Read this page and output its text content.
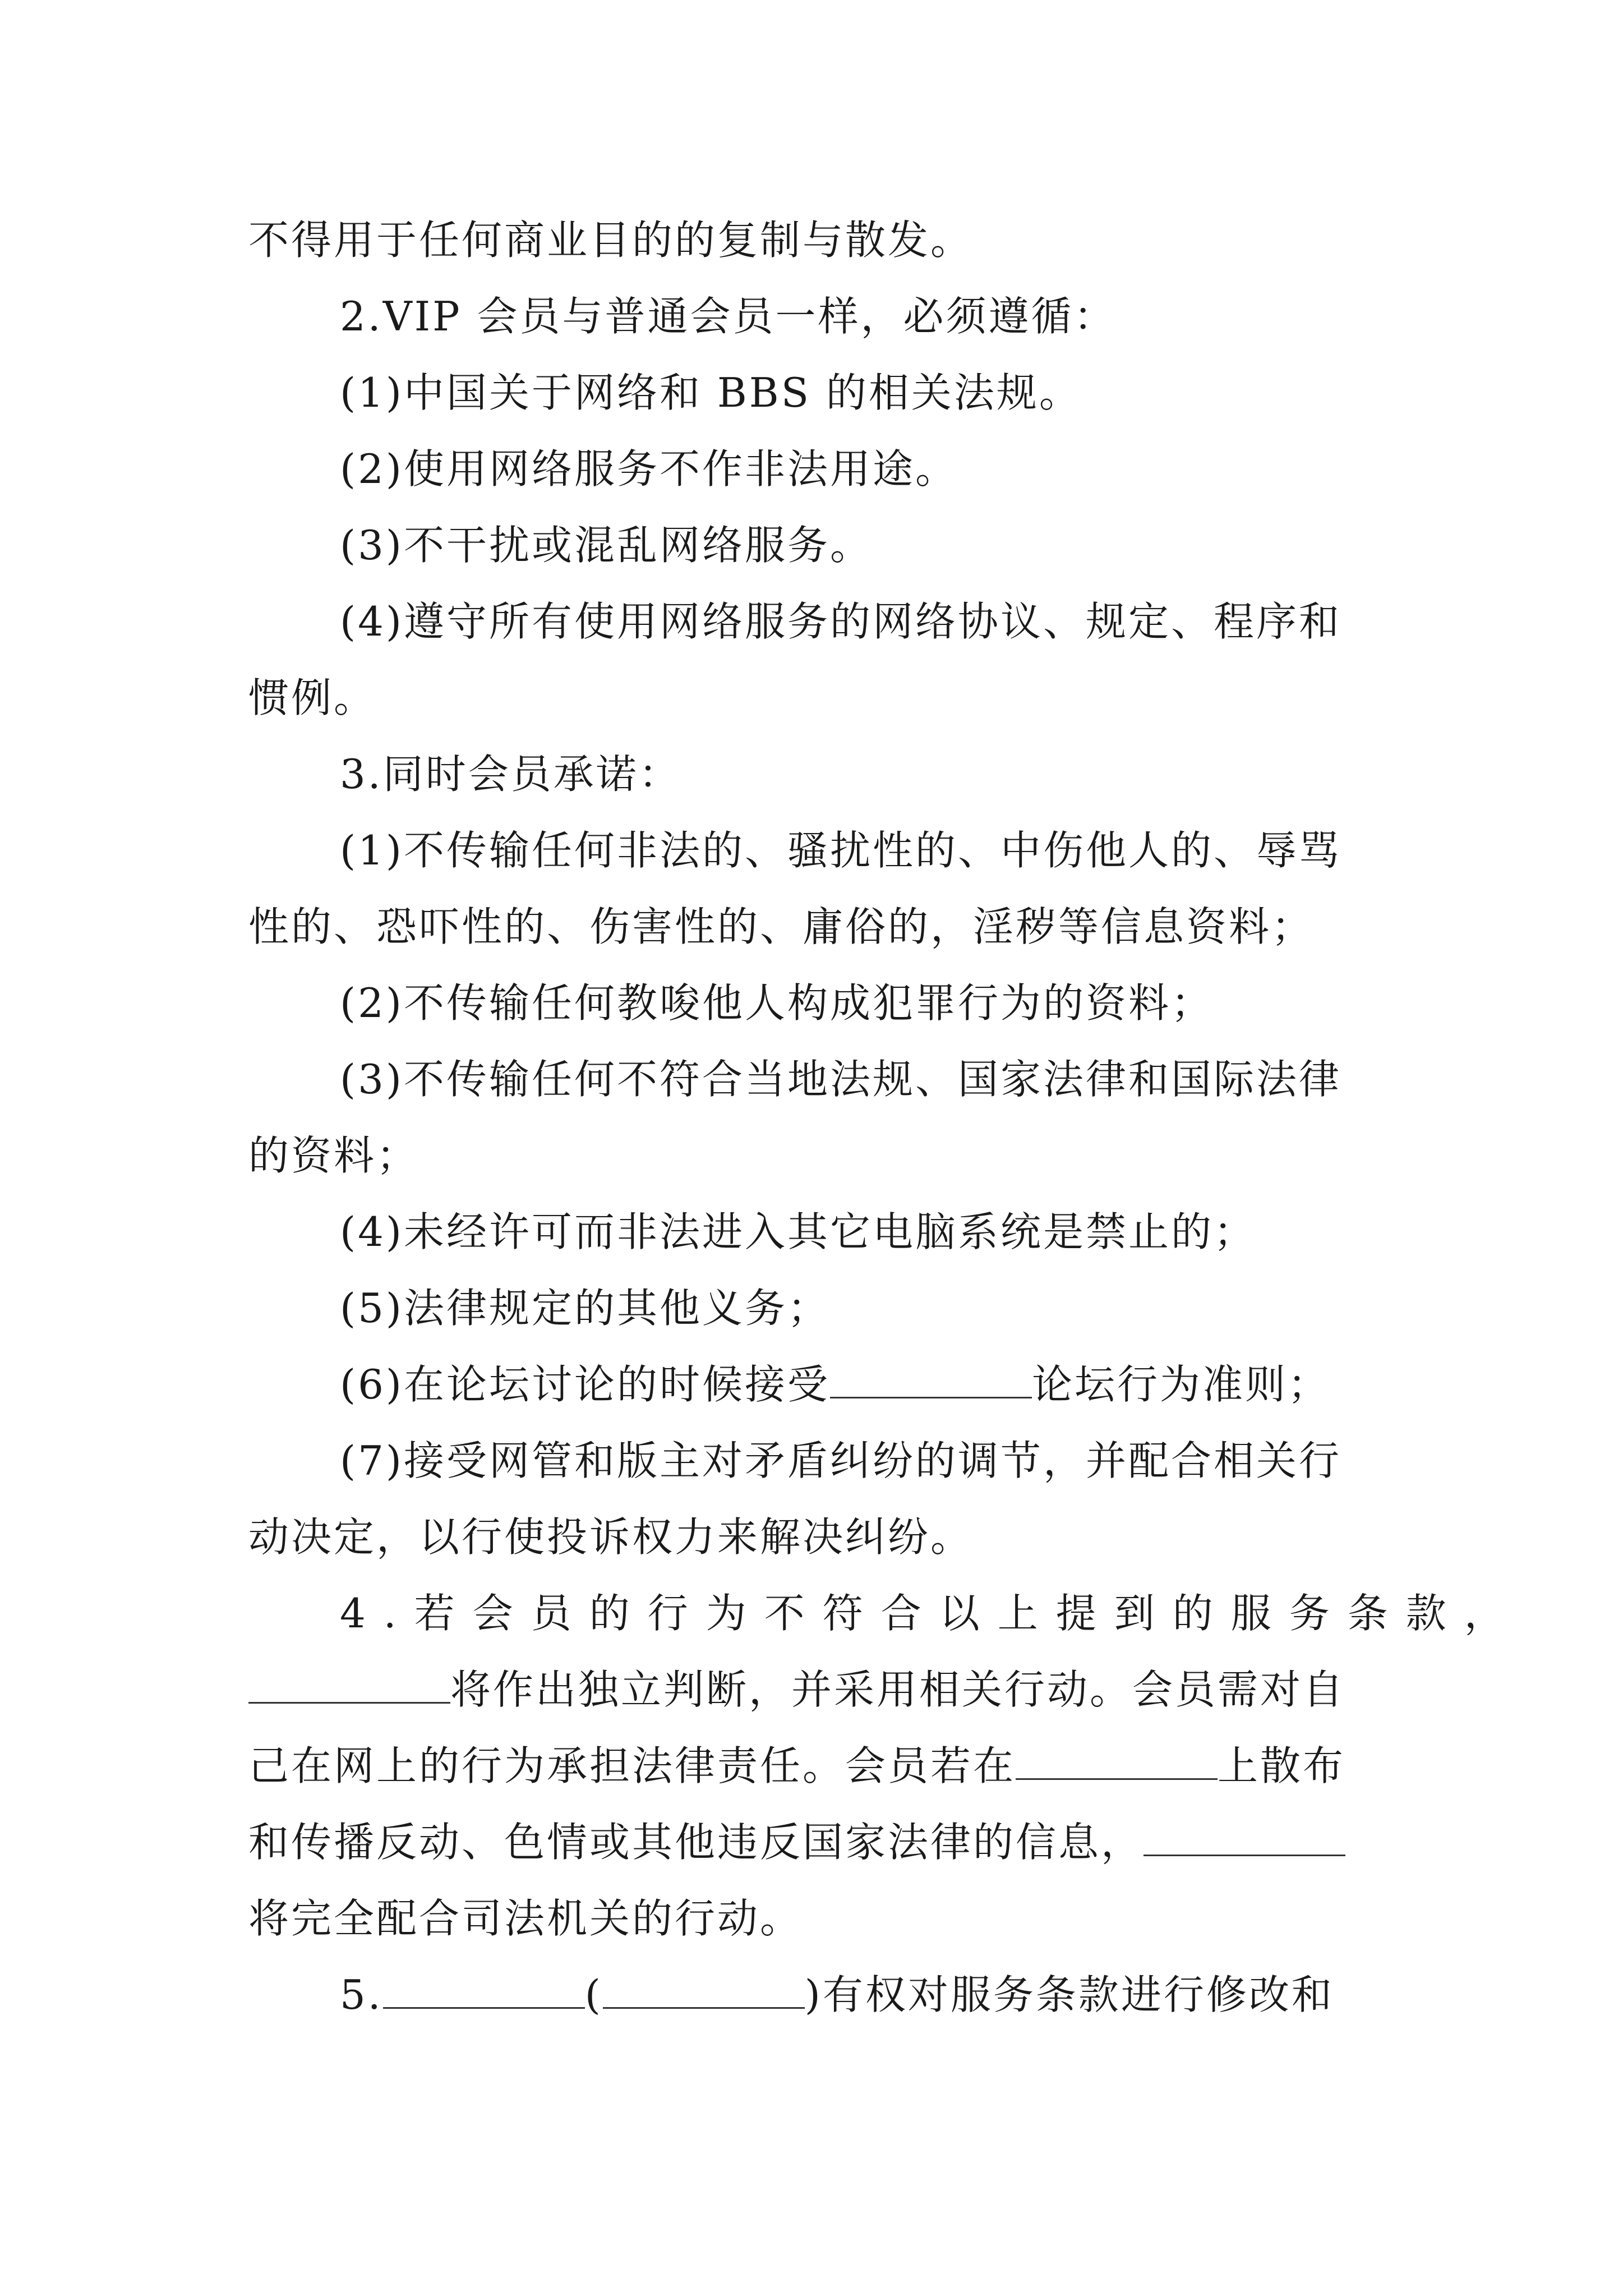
不得用于任何商业目的的复制与散发。
2.VIP 会员与普通会员一样，必须遵循：
(1)中国关于网络和 BBS 的相关法规。
(2)使用网络服务不作非法用途。
(3)不干扰或混乱网络服务。
(4)遵守所有使用网络服务的网络协议、规定、程序和
惯例。
3.同时会员承诺：
(1)不传输任何非法的、骚扰性的、中伤他人的、辱骂
性的、恐吓性的、伤害性的、庸俗的，淫秽等信息资料；
(2)不传输任何教唆他人构成犯罪行为的资料；
(3)不传输任何不符合当地法规、国家法律和国际法律
的资料；
(4)未经许可而非法进入其它电脑系统是禁止的；
(5)法律规定的其他义务；
(6)在论坛讨论的时候接受	论坛行为准则；
(7)接受网管和版主对矛盾纠纷的调节，并配合相关行
动决定，以行使投诉权力来解决纠纷。
4.若会员的行为不符合以上提到的服务条款，
将作出独立判断，并采用相关行动。会员需对自
己在网上的行为承担法律责任。会员若在	上散布
和传播反动、色情或其他违反国家法律的信息，
将完全配合司法机关的行动。
5.	(	)有权对服务条款进行修改和
